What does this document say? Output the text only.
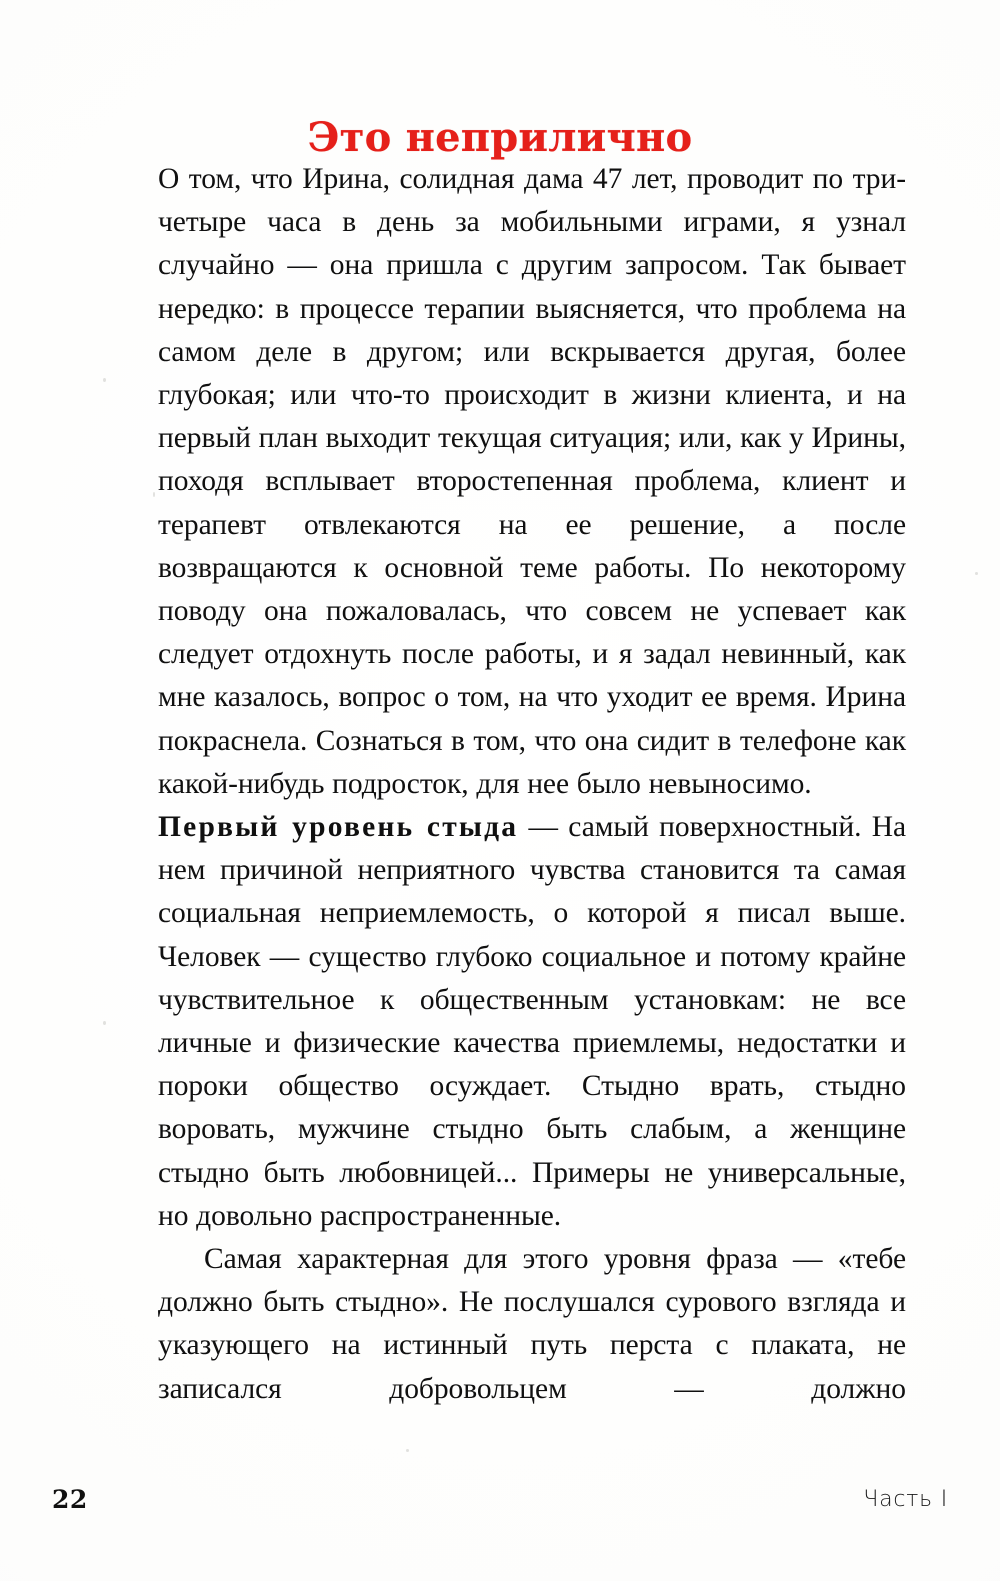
Это неприлично

О том, что Ирина, солидная дама 47 лет, проводит по три-четыре часа в день за мобильными играми, я узнал случайно — она пришла с другим запросом. Так бывает нередко: в процессе терапии выясняется, что проблема на самом деле в другом; или вскрывается другая, более глубокая; или что-то происходит в жизни клиента, и на первый план выходит текущая ситуация; или, как у Ирины, походя всплывает второстепенная проблема, клиент и терапевт отвлекаются на ее решение, а после возвращаются к основной теме работы. По некоторому поводу она пожаловалась, что совсем не успевает как следует отдохнуть после работы, и я задал невинный, как мне казалось, вопрос о том, на что уходит ее время. Ирина покраснела. Сознаться в том, что она сидит в телефоне как какой-нибудь подросток, для нее было невыносимо.

Первый уровень стыда — самый поверхностный. На нем причиной неприятного чувства становится та самая социальная неприемлемость, о которой я писал выше. Человек — существо глубоко социальное и потому крайне чувствительное к общественным установкам: не все личные и физические качества приемлемы, недостатки и пороки общество осуждает. Стыдно врать, стыдно воровать, мужчине стыдно быть слабым, а женщине стыдно быть любовницей... Примеры не универсальные, но довольно распространенные.

Самая характерная для этого уровня фраза — «тебе должно быть стыдно». Не послушался сурового взгляда и указующего на истинный путь перста с плаката, не записался добровольцем — должно

22	Часть I
